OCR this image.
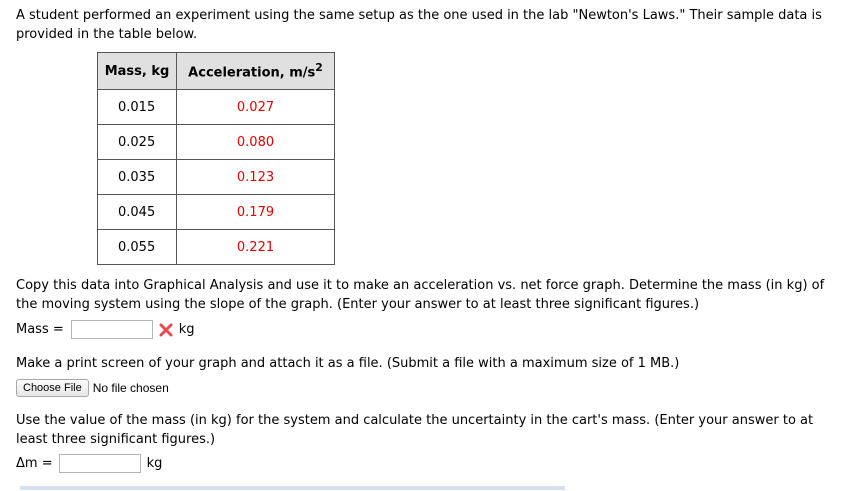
A student performed an experiment using the same setup as the one used in the lab "Newton's Laws." Their sample data is provided in the table below.
Mass, kg	Acceleration, $m/s^2$
0.015	0.027
0.025	0.080
0.035	0.123
0.045	0.179
0.055	0.221
Copy this data into Graphical Analysis and use it to make an acceleration vs. net force graph. Determine the mass (in kg) of the moving system using the slope of the graph. (Enter your answer to at least three significant figures.)
Mass =	kg
Make a print screen of your graph and attach it as a file. (Submit a file with a maximum size of 1 MB.)
Choose File No file chosen
Use the value of the mass (in kg) for the system and calculate the uncertainty in the cart's mass. (Enter your answer to at least three significant figures.)
Δm =	kg
